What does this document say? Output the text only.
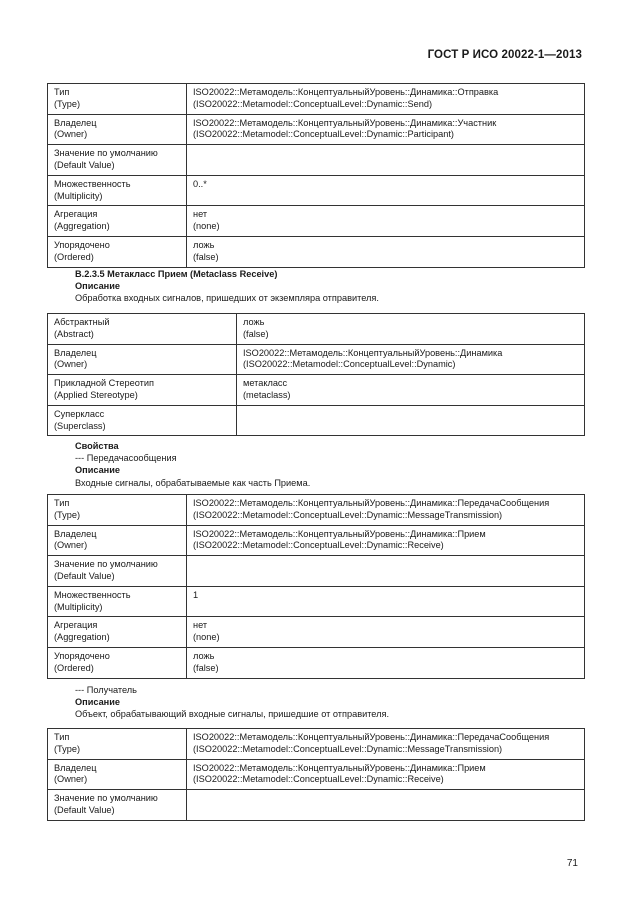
ГОСТ Р ИСО 20022-1—2013
Тип
(Type)	ISO20022::Метамодель::КонцептуальныйУровень::Динамика::Отправка
(ISO20022::Metamodel::ConceptualLevel::Dynamic::Send)

Владелец
(Owner)	ISO20022::Метамодель::КонцептуальныйУровень::Динамика::Участник
(ISO20022::Metamodel::ConceptualLevel::Dynamic::Participant)

Значение по умолчанию
(Default Value)	

Множественность
(Multiplicity)	0..*

Агрегация
(Aggregation)	нет
(none)

Упорядочено
(Ordered)	ложь
(false)
B.2.3.5 Метакласс Прием (Metaclass Receive)
Описание
Обработка входных сигналов, пришедших от экземпляра отправителя.
Абстрактный
(Abstract)	ложь
(false)

Владелец
(Owner)	ISO20022::Метамодель::КонцептуальныйУровень::Динамика
(ISO20022::Metamodel::ConceptualLevel::Dynamic)

Прикладной Стереотип
(Applied Stereotype)	метакласс
(metaclass)

Суперкласс
(Superclass)	

Свойства
--- Передачасообщения
Описание
Входные сигналы, обрабатываемые как часть Приема.
Тип
(Type)	ISO20022::Метамодель::КонцептуальныйУровень::Динамика::ПередачаСообщения
(ISO20022::Metamodel::ConceptualLevel::Dynamic::MessageTransmission)

Владелец
(Owner)	ISO20022::Метамодель::КонцептуальныйУровень::Динамика::Прием
(ISO20022::Metamodel::ConceptualLevel::Dynamic::Receive)

Значение по умолчанию
(Default Value)	

Множественность
(Multiplicity)	1

Агрегация
(Aggregation)	нет
(none)

Упорядочено
(Ordered)	ложь
(false)
--- Получатель
Описание
Объект, обрабатывающий входные сигналы, пришедшие от отправителя.
Тип
(Type)	ISO20022::Метамодель::КонцептуальныйУровень::Динамика::ПередачаСообщения
(ISO20022::Metamodel::ConceptualLevel::Dynamic::MessageTransmission)

Владелец
(Owner)	ISO20022::Метамодель::КонцептуальныйУровень::Динамика::Прием
(ISO20022::Metamodel::ConceptualLevel::Dynamic::Receive)

Значение по умолчанию
(Default Value)	

71
